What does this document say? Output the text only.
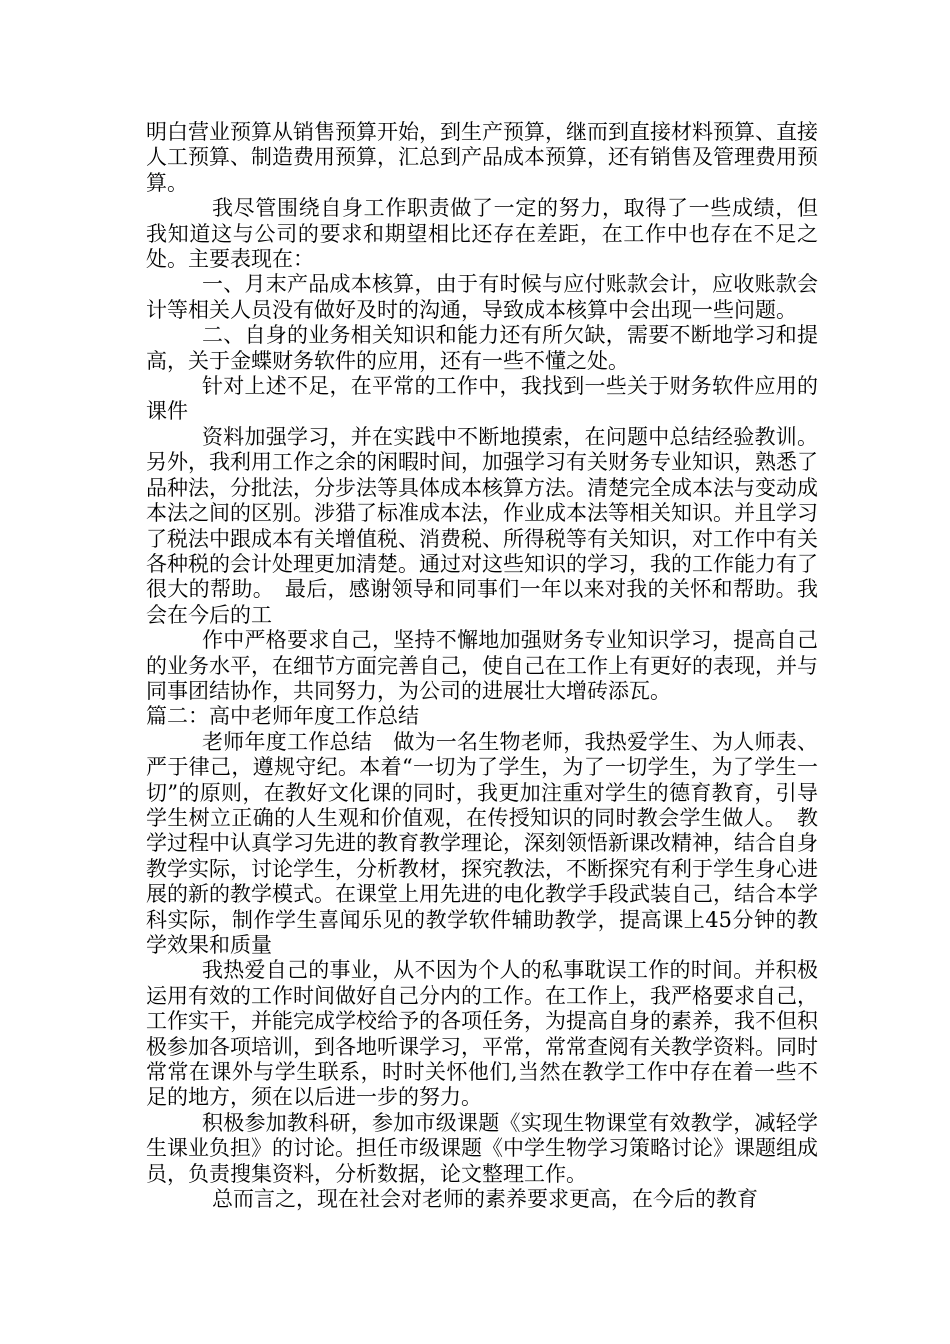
明白营业预算从销售预算开始，到生产预算，继而到直接材料预算、直接人工预算、制造费用预算，汇总到产品成本预算，还有销售及管理费用预算。

我尽管围绕自身工作职责做了一定的努力，取得了一些成绩，但我知道这与公司的要求和期望相比还存在差距，在工作中也存在不足之处。主要表现在：

一、月末产品成本核算，由于有时候与应付账款会计，应收账款会计等相关人员没有做好及时的沟通，导致成本核算中会出现一些问题。

二、自身的业务相关知识和能力还有所欠缺，需要不断地学习和提高，关于金蝶财务软件的应用，还有一些不懂之处。

针对上述不足，在平常的工作中，我找到一些关于财务软件应用的课件

资料加强学习，并在实践中不断地摸索，在问题中总结经验教训。另外，我利用工作之余的闲暇时间，加强学习有关财务专业知识，熟悉了品种法，分批法，分步法等具体成本核算方法。清楚完全成本法与变动成本法之间的区别。涉猎了标准成本法，作业成本法等相关知识。并且学习了税法中跟成本有关增值税、消费税、所得税等有关知识，对工作中有关各种税的会计处理更加清楚。通过对这些知识的学习，我的工作能力有了很大的帮助。　最后，感谢领导和同事们一年以来对我的关怀和帮助。我会在今后的工

作中严格要求自己，坚持不懈地加强财务专业知识学习，提高自己的业务水平，在细节方面完善自己，使自己在工作上有更好的表现，并与同事团结协作，共同努力，为公司的进展壮大增砖添瓦。

篇二：高中老师年度工作总结

老师年度工作总结　做为一名生物老师，我热爱学生、为人师表、严于律己，遵规守纪。本着“一切为了学生，为了一切学生，为了学生一切”的原则，在教好文化课的同时，我更加注重对学生的德育教育，引导学生树立正确的人生观和价值观，在传授知识的同时教会学生做人。　教学过程中认真学习先进的教育教学理论，深刻领悟新课改精神，结合自身教学实际，讨论学生，分析教材，探究教法，不断探究有利于学生身心进展的新的教学模式。在课堂上用先进的电化教学手段武装自己，结合本学科实际，制作学生喜闻乐见的教学软件辅助教学，提高课上45分钟的教学效果和质量

我热爱自己的事业，从不因为个人的私事耽误工作的时间。并积极运用有效的工作时间做好自己分内的工作。在工作上，我严格要求自己，工作实干，并能完成学校给予的各项任务，为提高自身的素养，我不但积极参加各项培训，到各地听课学习，平常，常常查阅有关教学资料。同时常常在课外与学生联系，时时关怀他们,当然在教学工作中存在着一些不足的地方，须在以后进一步的努力。

积极参加教科研，参加市级课题《实现生物课堂有效教学，减轻学生课业负担》的讨论。担任市级课题《中学生物学习策略讨论》课题组成员，负责搜集资料，分析数据，论文整理工作。

总而言之，现在社会对老师的素养要求更高，在今后的教育
